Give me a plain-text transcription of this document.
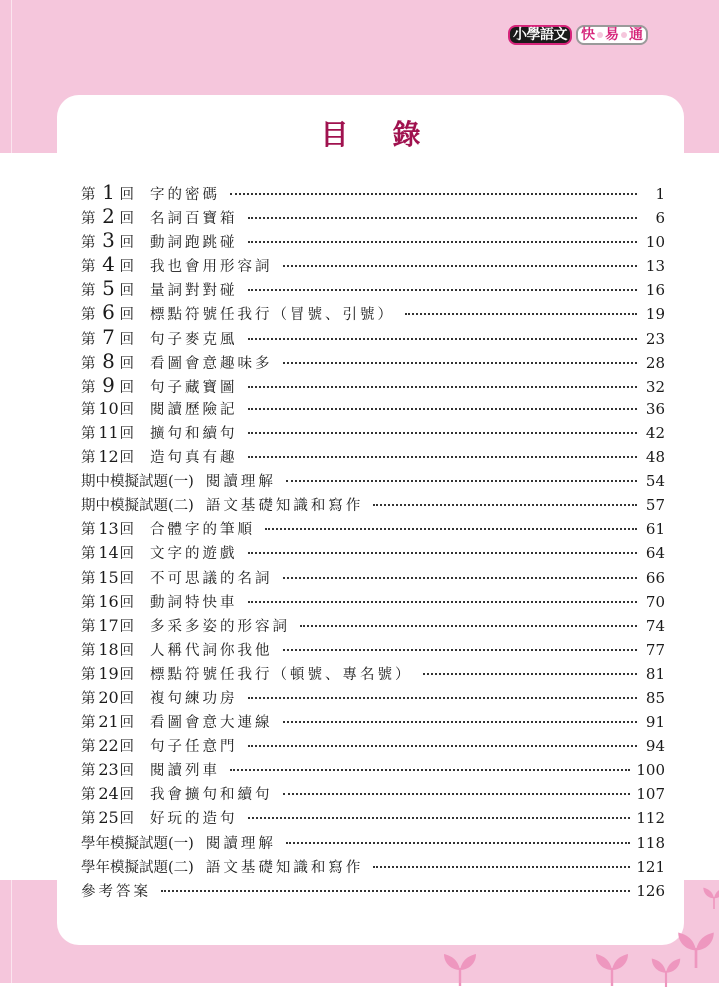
小學語文	快 易 通
目錄
第 1 回 字的密碼	1
第 2 回 名詞百寶箱	6
第 3 回 動詞跑跳碰	10
第 4 回 我也會用形容詞	13
第 5 回 量詞對對碰	16
第 6 回 標點符號任我行（冒號、引號）	19
第 7 回 句子麥克風	23
第 8 回 看圖會意趣味多	28
第 9 回 句子藏寶圖	32
第 10 回 閱讀歷險記	36
第 11 回 擴句和續句	42
第 12 回 造句真有趣	48
期中模擬試題(一) 閱讀理解	54
期中模擬試題(二) 語文基礎知識和寫作	57
第 13 回 合體字的筆順	61
第 14 回 文字的遊戲	64
第 15 回 不可思議的名詞	66
第 16 回 動詞特快車	70
第 17 回 多采多姿的形容詞	74
第 18 回 人稱代詞你我他	77
第 19 回 標點符號任我行（頓號、專名號）	81
第 20 回 複句練功房	85
第 21 回 看圖會意大連線	91
第 22 回 句子任意門	94
第 23 回 閱讀列車	100
第 24 回 我會擴句和續句	107
第 25 回 好玩的造句	112
學年模擬試題(一) 閱讀理解	118
學年模擬試題(二) 語文基礎知識和寫作	121
參考答案	126
